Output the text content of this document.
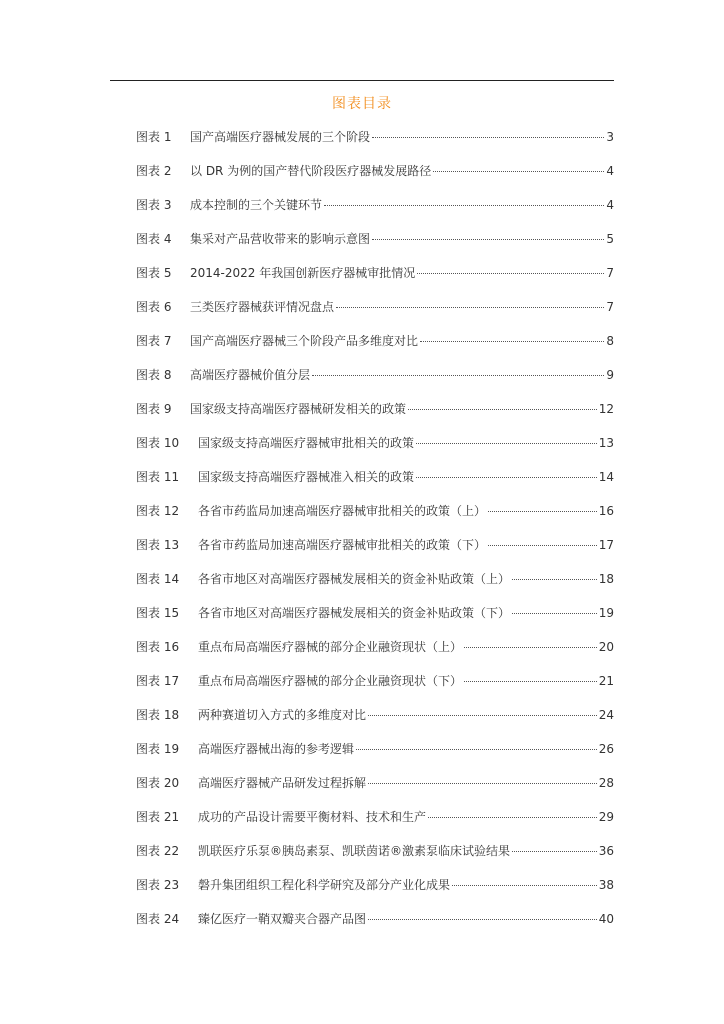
图表目录
图表 1	国产高端医疗器械发展的三个阶段	3
图表 2	以 DR 为例的国产替代阶段医疗器械发展路径	4
图表 3	成本控制的三个关键环节	4
图表 4	集采对产品营收带来的影响示意图	5
图表 5	2014-2022 年我国创新医疗器械审批情况	7
图表 6	三类医疗器械获评情况盘点	7
图表 7	国产高端医疗器械三个阶段产品多维度对比	8
图表 8	高端医疗器械价值分层	9
图表 9	国家级支持高端医疗器械研发相关的政策	12
图表 10	国家级支持高端医疗器械审批相关的政策	13
图表 11	国家级支持高端医疗器械准入相关的政策	14
图表 12	各省市药监局加速高端医疗器械审批相关的政策（上）	16
图表 13	各省市药监局加速高端医疗器械审批相关的政策（下）	17
图表 14	各省市地区对高端医疗器械发展相关的资金补贴政策（上）	18
图表 15	各省市地区对高端医疗器械发展相关的资金补贴政策（下）	19
图表 16	重点布局高端医疗器械的部分企业融资现状（上）	20
图表 17	重点布局高端医疗器械的部分企业融资现状（下）	21
图表 18	两种赛道切入方式的多维度对比	24
图表 19	高端医疗器械出海的参考逻辑	26
图表 20	高端医疗器械产品研发过程拆解	28
图表 21	成功的产品设计需要平衡材料、技术和生产	29
图表 22	凯联医疗乐泵®胰岛素泵、凯联茵诺®激素泵临床试验结果	36
图表 23	磐升集团组织工程化科学研究及部分产业化成果	38
图表 24	臻亿医疗一鞘双瓣夹合器产品图	40
